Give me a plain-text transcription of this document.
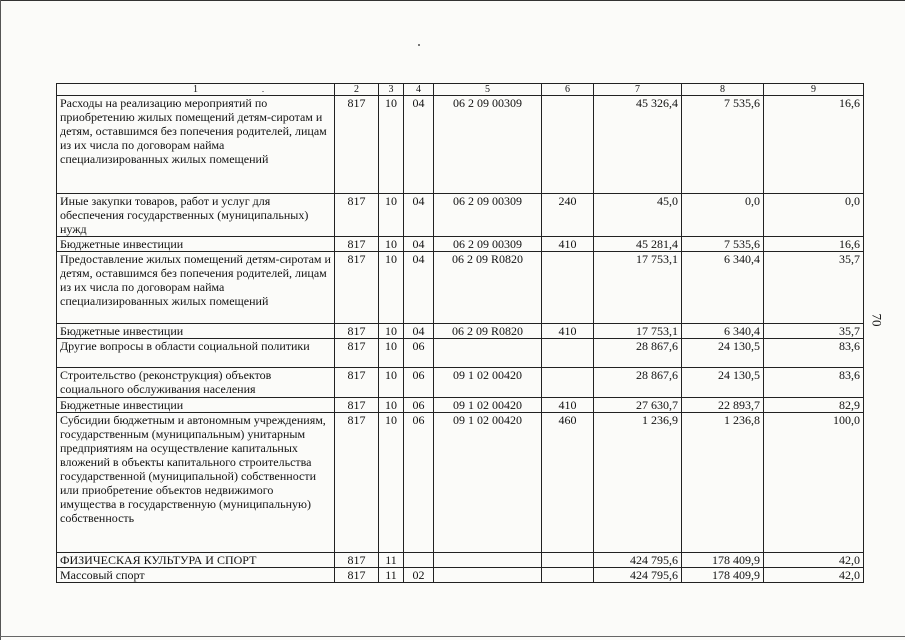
1	2	3	4	5	6	7	8	9
Расходы на реализацию мероприятий по приобретению жилых помещений детям-сиротам и детям, оставшимся без попечения родителей, лицам из их числа по договорам найма специализированных жилых помещений	817	10	04	06 2 09 00309		45 326,4	7 535,6	16,6
Иные закупки товаров, работ и услуг для обеспечения государственных (муниципальных) нужд	817	10	04	06 2 09 00309	240	45,0	0,0	0,0
Бюджетные инвестиции	817	10	04	06 2 09 00309	410	45 281,4	7 535,6	16,6
Предоставление жилых помещений детям-сиротам и детям, оставшимся без попечения родителей, лицам из их числа по договорам найма специализированных жилых помещений	817	10	04	06 2 09 R0820		17 753,1	6 340,4	35,7
Бюджетные инвестиции	817	10	04	06 2 09 R0820	410	17 753,1	6 340,4	35,7
Другие вопросы в области социальной политики	817	10	06			28 867,6	24 130,5	83,6
Строительство (реконструкция) объектов социального обслуживания населения	817	10	06	09 1 02 00420		28 867,6	24 130,5	83,6
Бюджетные инвестиции	817	10	06	09 1 02 00420	410	27 630,7	22 893,7	82,9
Субсидии бюджетным и автономным учреждениям, государственным (муниципальным) унитарным предприятиям на осуществление капитальных вложений в объекты капитального строительства государственной (муниципальной) собственности или приобретение объектов недвижимого имущества в государственную (муниципальную) собственность	817	10	06	09 1 02 00420	460	1 236,9	1 236,8	100,0
ФИЗИЧЕСКАЯ КУЛЬТУРА И СПОРТ	817	11				424 795,6	178 409,9	42,0
Массовый спорт	817	11	02			424 795,6	178 409,9	42,0
70
